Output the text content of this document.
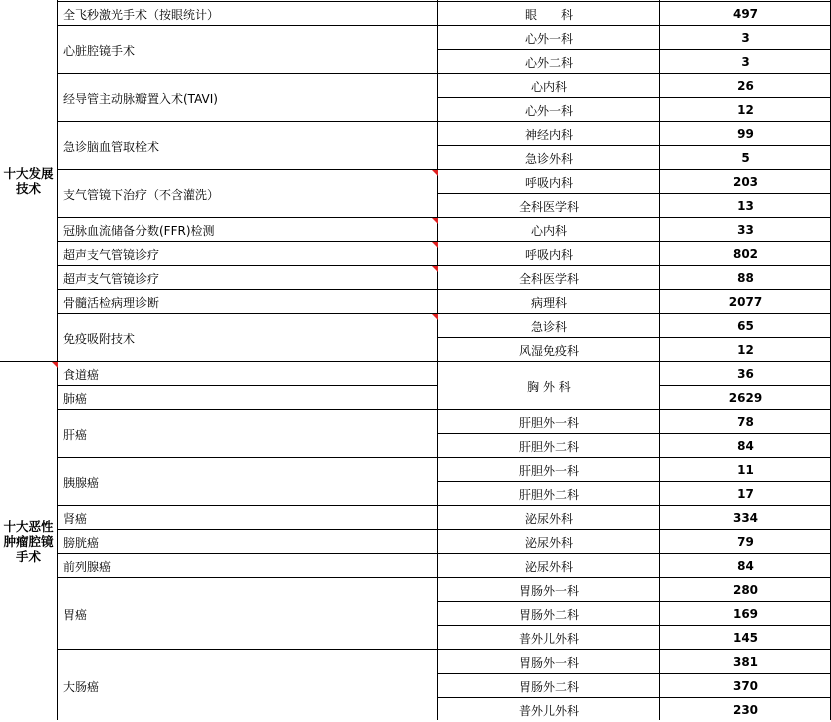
十大发展技术
十大恶性肿瘤腔镜手术
全飞秒激光手术（按眼统计）
心脏腔镜手术
经导管主动脉瓣置入术(TAVI)
急诊脑血管取栓术
支气管镜下治疗（不含灌洗）
冠脉血流储备分数(FFR)检测
超声支气管镜诊疗
超声支气管镜诊疗
骨髓活检病理诊断
免疫吸附技术
食道癌
肺癌
肝癌
胰腺癌
肾癌
膀胱癌
前列腺癌
胃癌
大肠癌
眼　　科
心外一科
心外二科
心内科
心外一科
神经内科
急诊外科
呼吸内科
全科医学科
心内科
呼吸内科
全科医学科
病理科
急诊科
风湿免疫科
胸 外 科
肝胆外一科
肝胆外二科
肝胆外一科
肝胆外二科
泌尿外科
泌尿外科
泌尿外科
胃肠外一科
胃肠外二科
普外儿外科
胃肠外一科
胃肠外二科
普外儿外科
497
3
3
26
12
99
5
203
13
33
802
88
2077
65
12
36
2629
78
84
11
17
334
79
84
280
169
145
381
370
230
